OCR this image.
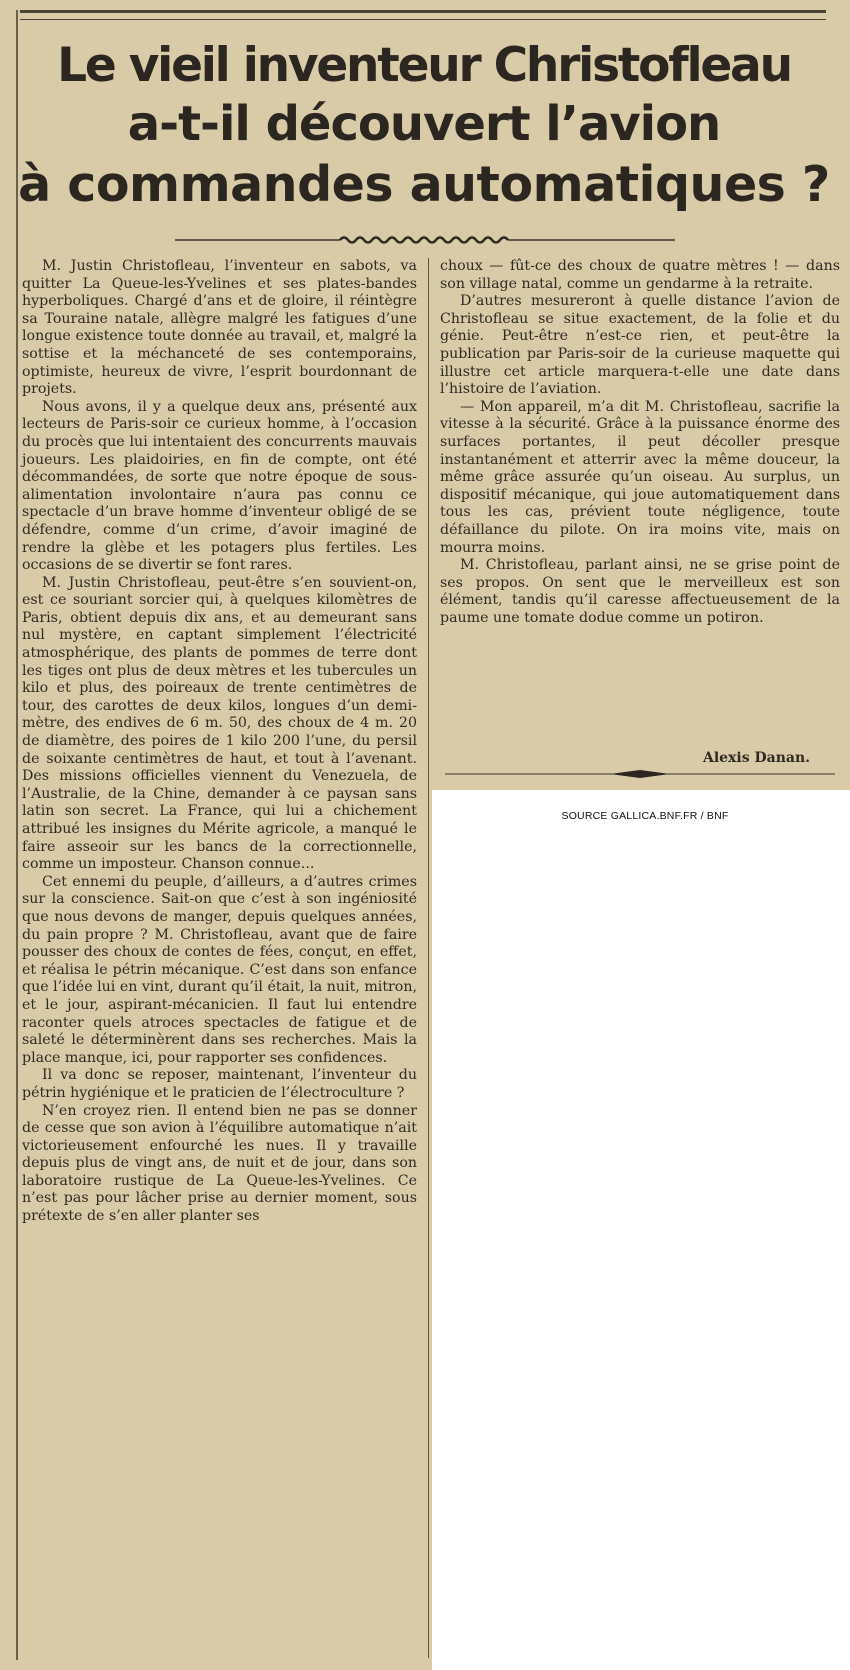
Le vieil inventeur Christofleau
a-t-il découvert l’avion
à commandes automatiques ?

M. Justin Christofleau, l’inventeur en sabots, va quitter La Queue-les-Yvelines et ses plates-bandes hyperboliques. Chargé d’ans et de gloire, il réintègre sa Touraine natale, allègre malgré les fatigues d’une longue existence toute donnée au travail, et, malgré la sottise et la méchanceté de ses contemporains, optimiste, heureux de vivre, l’esprit bourdonnant de projets.

Nous avons, il y a quelque deux ans, présenté aux lecteurs de Paris-soir ce curieux homme, à l’occasion du procès que lui intentaient des concurrents mauvais joueurs. Les plaidoiries, en fin de compte, ont été décommandées, de sorte que notre époque de sous-alimentation involontaire n’aura pas connu ce spectacle d’un brave homme d’inventeur obligé de se défendre, comme d’un crime, d’avoir imaginé de rendre la glèbe et les potagers plus fertiles. Les occasions de se divertir se font rares.

M. Justin Christofleau, peut-être s’en souvient-on, est ce souriant sorcier qui, à quelques kilomètres de Paris, obtient depuis dix ans, et au demeurant sans nul mystère, en captant simplement l’électricité atmosphérique, des plants de pommes de terre dont les tiges ont plus de deux mètres et les tubercules un kilo et plus, des poireaux de trente centimètres de tour, des carottes de deux kilos, longues d’un demi-mètre, des endives de 6 m. 50, des choux de 4 m. 20 de diamètre, des poires de 1 kilo 200 l’une, du persil de soixante centimètres de haut, et tout à l’avenant. Des missions officielles viennent du Venezuela, de l’Australie, de la Chine, demander à ce paysan sans latin son secret. La France, qui lui a chichement attribué les insignes du Mérite agricole, a manqué le faire asseoir sur les bancs de la correctionnelle, comme un imposteur. Chanson connue...

Cet ennemi du peuple, d’ailleurs, a d’autres crimes sur la conscience. Sait-on que c’est à son ingéniosité que nous devons de manger, depuis quelques années, du pain propre ? M. Christofleau, avant que de faire pousser des choux de contes de fées, conçut, en effet, et réalisa le pétrin mécanique. C’est dans son enfance que l’idée lui en vint, durant qu’il était, la nuit, mitron, et le jour, aspirant-mécanicien. Il faut lui entendre raconter quels atroces spectacles de fatigue et de saleté le déterminèrent dans ses recherches. Mais la place manque, ici, pour rapporter ses confidences.

Il va donc se reposer, maintenant, l’inventeur du pétrin hygiénique et le praticien de l’électroculture ?

N’en croyez rien. Il entend bien ne pas se donner de cesse que son avion à l’équilibre automatique n’ait victorieusement enfourché les nues. Il y travaille depuis plus de vingt ans, de nuit et de jour, dans son laboratoire rustique de La Queue-les-Yvelines. Ce n’est pas pour lâcher prise au dernier moment, sous prétexte de s’en aller planter ses

choux — fût-ce des choux de quatre mètres ! — dans son village natal, comme un gendarme à la retraite.

D’autres mesureront à quelle distance l’avion de Christofleau se situe exactement, de la folie et du génie. Peut-être n’est-ce rien, et peut-être la publication par Paris-soir de la curieuse maquette qui illustre cet article marquera-t-elle une date dans l’histoire de l’aviation.

— Mon appareil, m’a dit M. Christofleau, sacrifie la vitesse à la sécurité. Grâce à la puissance énorme des surfaces portantes, il peut décoller presque instantanément et atterrir avec la même douceur, la même grâce assurée qu’un oiseau. Au surplus, un dispositif mécanique, qui joue automatiquement dans tous les cas, prévient toute négligence, toute défaillance du pilote. On ira moins vite, mais on mourra moins.

M. Christofleau, parlant ainsi, ne se grise point de ses propos. On sent que le merveilleux est son élément, tandis qu’il caresse affectueusement de la paume une tomate dodue comme un potiron.

Alexis Danan.
SOURCE GALLICA.BNF.FR / BNF
